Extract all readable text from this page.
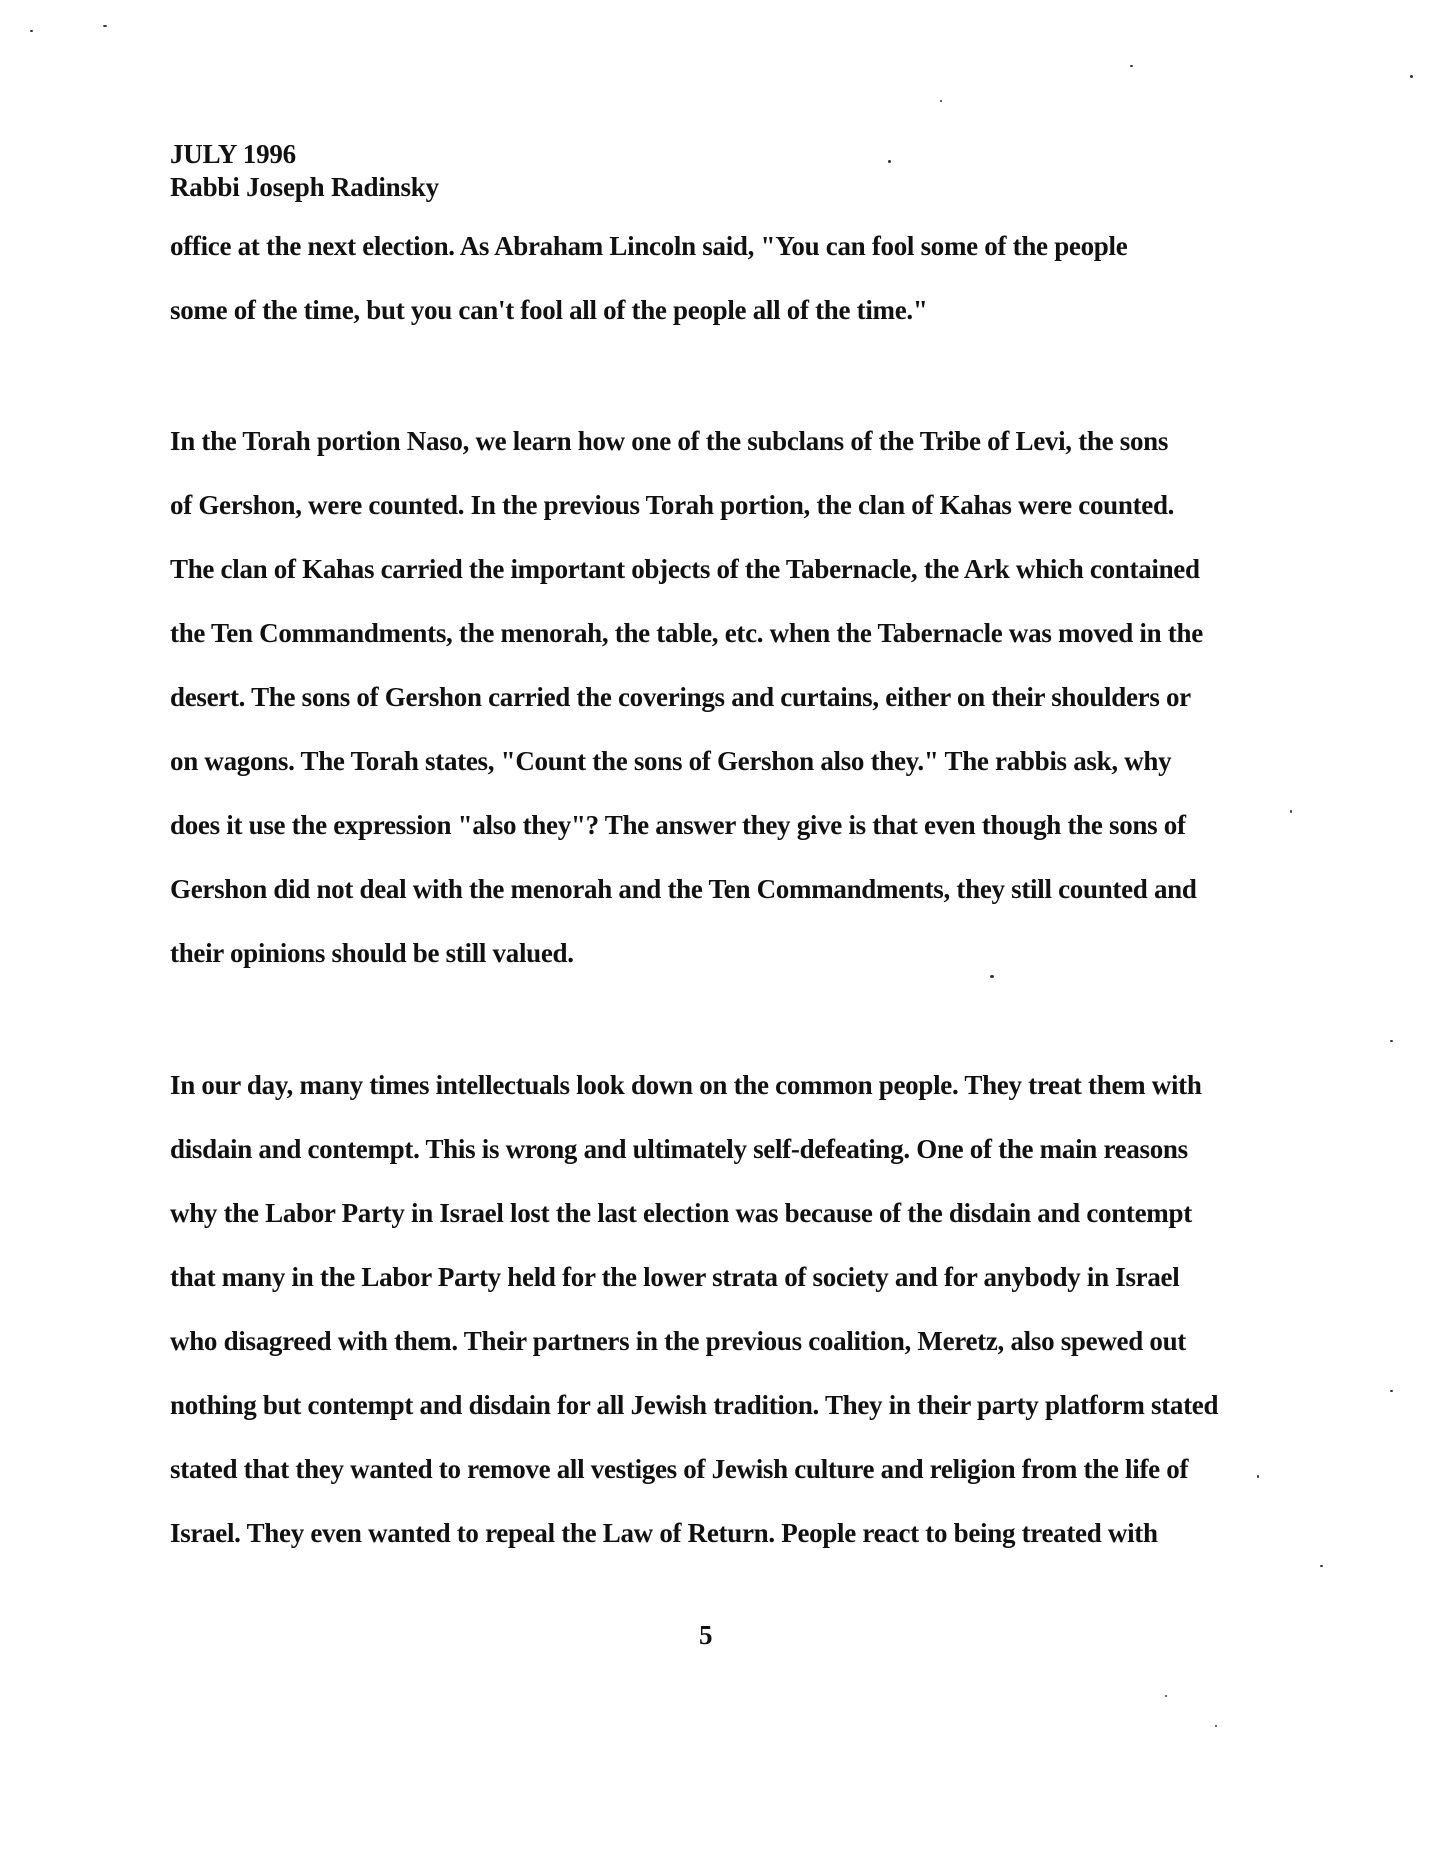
JULY 1996
Rabbi Joseph Radinsky
office at the next election. As Abraham Lincoln said, "You can fool some of the people
some of the time, but you can't fool all of the people all of the time."
In the Torah portion Naso, we learn how one of the subclans of the Tribe of Levi, the sons
of Gershon, were counted. In the previous Torah portion, the clan of Kahas were counted.
The clan of Kahas carried the important objects of the Tabernacle, the Ark which contained
the Ten Commandments, the menorah, the table, etc. when the Tabernacle was moved in the
desert. The sons of Gershon carried the coverings and curtains, either on their shoulders or
on wagons. The Torah states, "Count the sons of Gershon also they." The rabbis ask, why
does it use the expression "also they"? The answer they give is that even though the sons of
Gershon did not deal with the menorah and the Ten Commandments, they still counted and
their opinions should be still valued.
In our day, many times intellectuals look down on the common people. They treat them with
disdain and contempt. This is wrong and ultimately self-defeating. One of the main reasons
why the Labor Party in Israel lost the last election was because of the disdain and contempt
that many in the Labor Party held for the lower strata of society and for anybody in Israel
who disagreed with them. Their partners in the previous coalition, Meretz, also spewed out
nothing but contempt and disdain for all Jewish tradition. They in their party platform stated
stated that they wanted to remove all vestiges of Jewish culture and religion from the life of
Israel. They even wanted to repeal the Law of Return. People react to being treated with
5
